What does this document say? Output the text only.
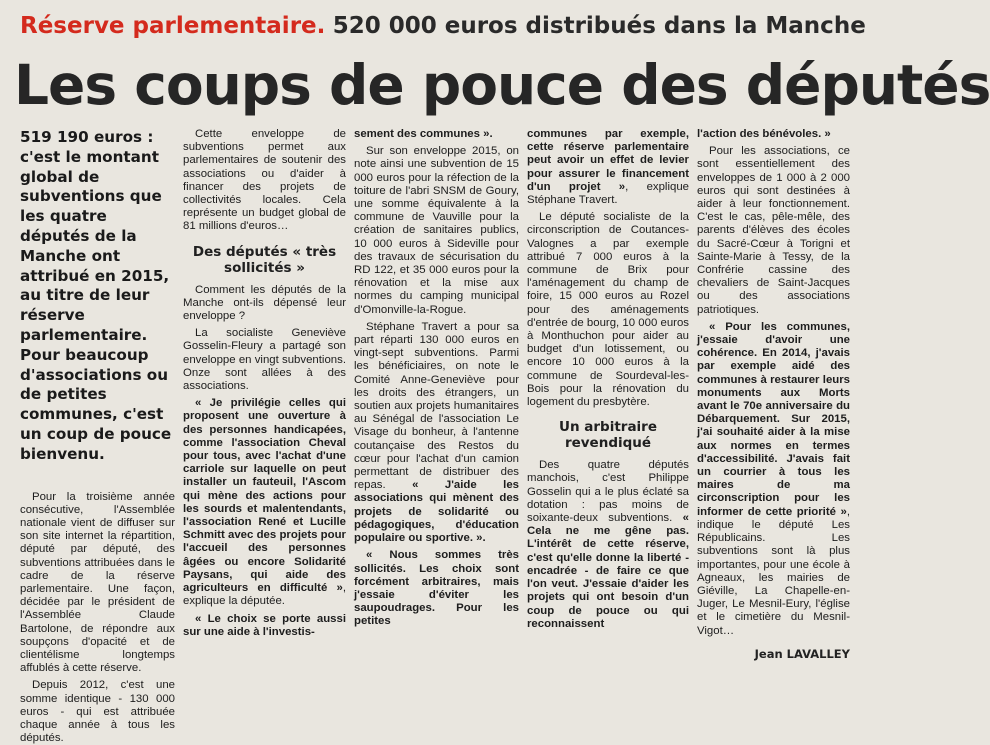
Réserve parlementaire. 520 000 euros distribués dans la Manche
Les coups de pouce des députés

519 190 euros : c'est le montant global de subventions que les quatre députés de la Manche ont attribué en 2015, au titre de leur réserve parlementaire. Pour beaucoup d'associations ou de petites communes, c'est un coup de pouce bienvenu.

Pour la troisième année consécutive, l'Assemblée nationale vient de diffuser sur son site internet la répartition, député par député, des subventions attribuées dans le cadre de la réserve parlementaire. Une façon, décidée par le président de l'Assemblée Claude Bartolone, de répondre aux soupçons d'opacité et de clientélisme longtemps affublés à cette réserve.

Depuis 2012, c'est une somme identique - 130 000 euros - qui est attribuée chaque année à tous les députés.

Cette enveloppe de subventions permet aux parlementaires de soutenir des associations ou d'aider à financer des projets de collectivités locales. Cela représente un budget global de 81 millions d'euros…

Des députés « très sollicités »

Comment les députés de la Manche ont-ils dépensé leur enveloppe ?

La socialiste Geneviève Gosselin-Fleury a partagé son enveloppe en vingt subventions. Onze sont allées à des associations.

« Je privilégie celles qui proposent une ouverture à des personnes handicapées, comme l'association Cheval pour tous, avec l'achat d'une carriole sur laquelle on peut installer un fauteuil, l'Ascom qui mène des actions pour les sourds et malentendants, l'association René et Lucille Schmitt avec des projets pour l'accueil des personnes âgées ou encore Solidarité Paysans, qui aide des agriculteurs en difficulté », explique la députée.

« Le choix se porte aussi sur une aide à l'investis-

sement des communes ».

Sur son enveloppe 2015, on note ainsi une subvention de 15 000 euros pour la réfection de la toiture de l'abri SNSM de Goury, une somme équivalente à la commune de Vauville pour la création de sanitaires publics, 10 000 euros à Sideville pour des travaux de sécurisation du RD 122, et 35 000 euros pour la rénovation et la mise aux normes du camping municipal d'Omonville-la-Rogue.

Stéphane Travert a pour sa part réparti 130 000 euros en vingt-sept subventions. Parmi les bénéficiaires, on note le Comité Anne-Geneviève pour les droits des étrangers, un soutien aux projets humanitaires au Sénégal de l'association Le Visage du bonheur, à l'antenne coutançaise des Restos du cœur pour l'achat d'un camion permettant de distribuer des repas. « J'aide les associations qui mènent des projets de solidarité ou pédagogiques, d'éducation populaire ou sportive. ».

« Nous sommes très sollicités. Les choix sont forcément arbitraires, mais j'essaie d'éviter les saupoudrages. Pour les petites

communes par exemple, cette réserve parlementaire peut avoir un effet de levier pour assurer le financement d'un projet », explique Stéphane Travert.

Le député socialiste de la circonscription de Coutances-Valognes a par exemple attribué 7 000 euros à la commune de Brix pour l'aménagement du champ de foire, 15 000 euros au Rozel pour des aménagements d'entrée de bourg, 10 000 euros à Monthuchon pour aider au budget d'un lotissement, ou encore 10 000 euros à la commune de Sourdeval-les-Bois pour la rénovation du logement du presbytère.

Un arbitraire revendiqué

Des quatre députés manchois, c'est Philippe Gosselin qui a le plus éclaté sa dotation : pas moins de soixante-deux subventions. « Cela ne me gêne pas. L'intérêt de cette réserve, c'est qu'elle donne la liberté - encadrée - de faire ce que l'on veut. J'essaie d'aider les projets qui ont besoin d'un coup de pouce ou qui reconnaissent

l'action des bénévoles. »

Pour les associations, ce sont essentiellement des enveloppes de 1 000 à 2 000 euros qui sont destinées à aider à leur fonctionnement. C'est le cas, pêle-mêle, des parents d'élèves des écoles du Sacré-Cœur à Torigni et Sainte-Marie à Tessy, de la Confrérie cassine des chevaliers de Saint-Jacques ou des associations patriotiques.

« Pour les communes, j'essaie d'avoir une cohérence. En 2014, j'avais par exemple aidé des communes à restaurer leurs monuments aux Morts avant le 70e anniversaire du Débarquement. Sur 2015, j'ai souhaité aider à la mise aux normes en termes d'accessibilité. J'avais fait un courrier à tous les maires de ma circonscription pour les informer de cette priorité », indique le député Les Républicains. Les subventions sont là plus importantes, pour une école à Agneaux, les mairies de Giéville, La Chapelle-en-Juger, Le Mesnil-Eury, l'église et le cimetière du Mesnil-Vigot…

Jean LAVALLEY
